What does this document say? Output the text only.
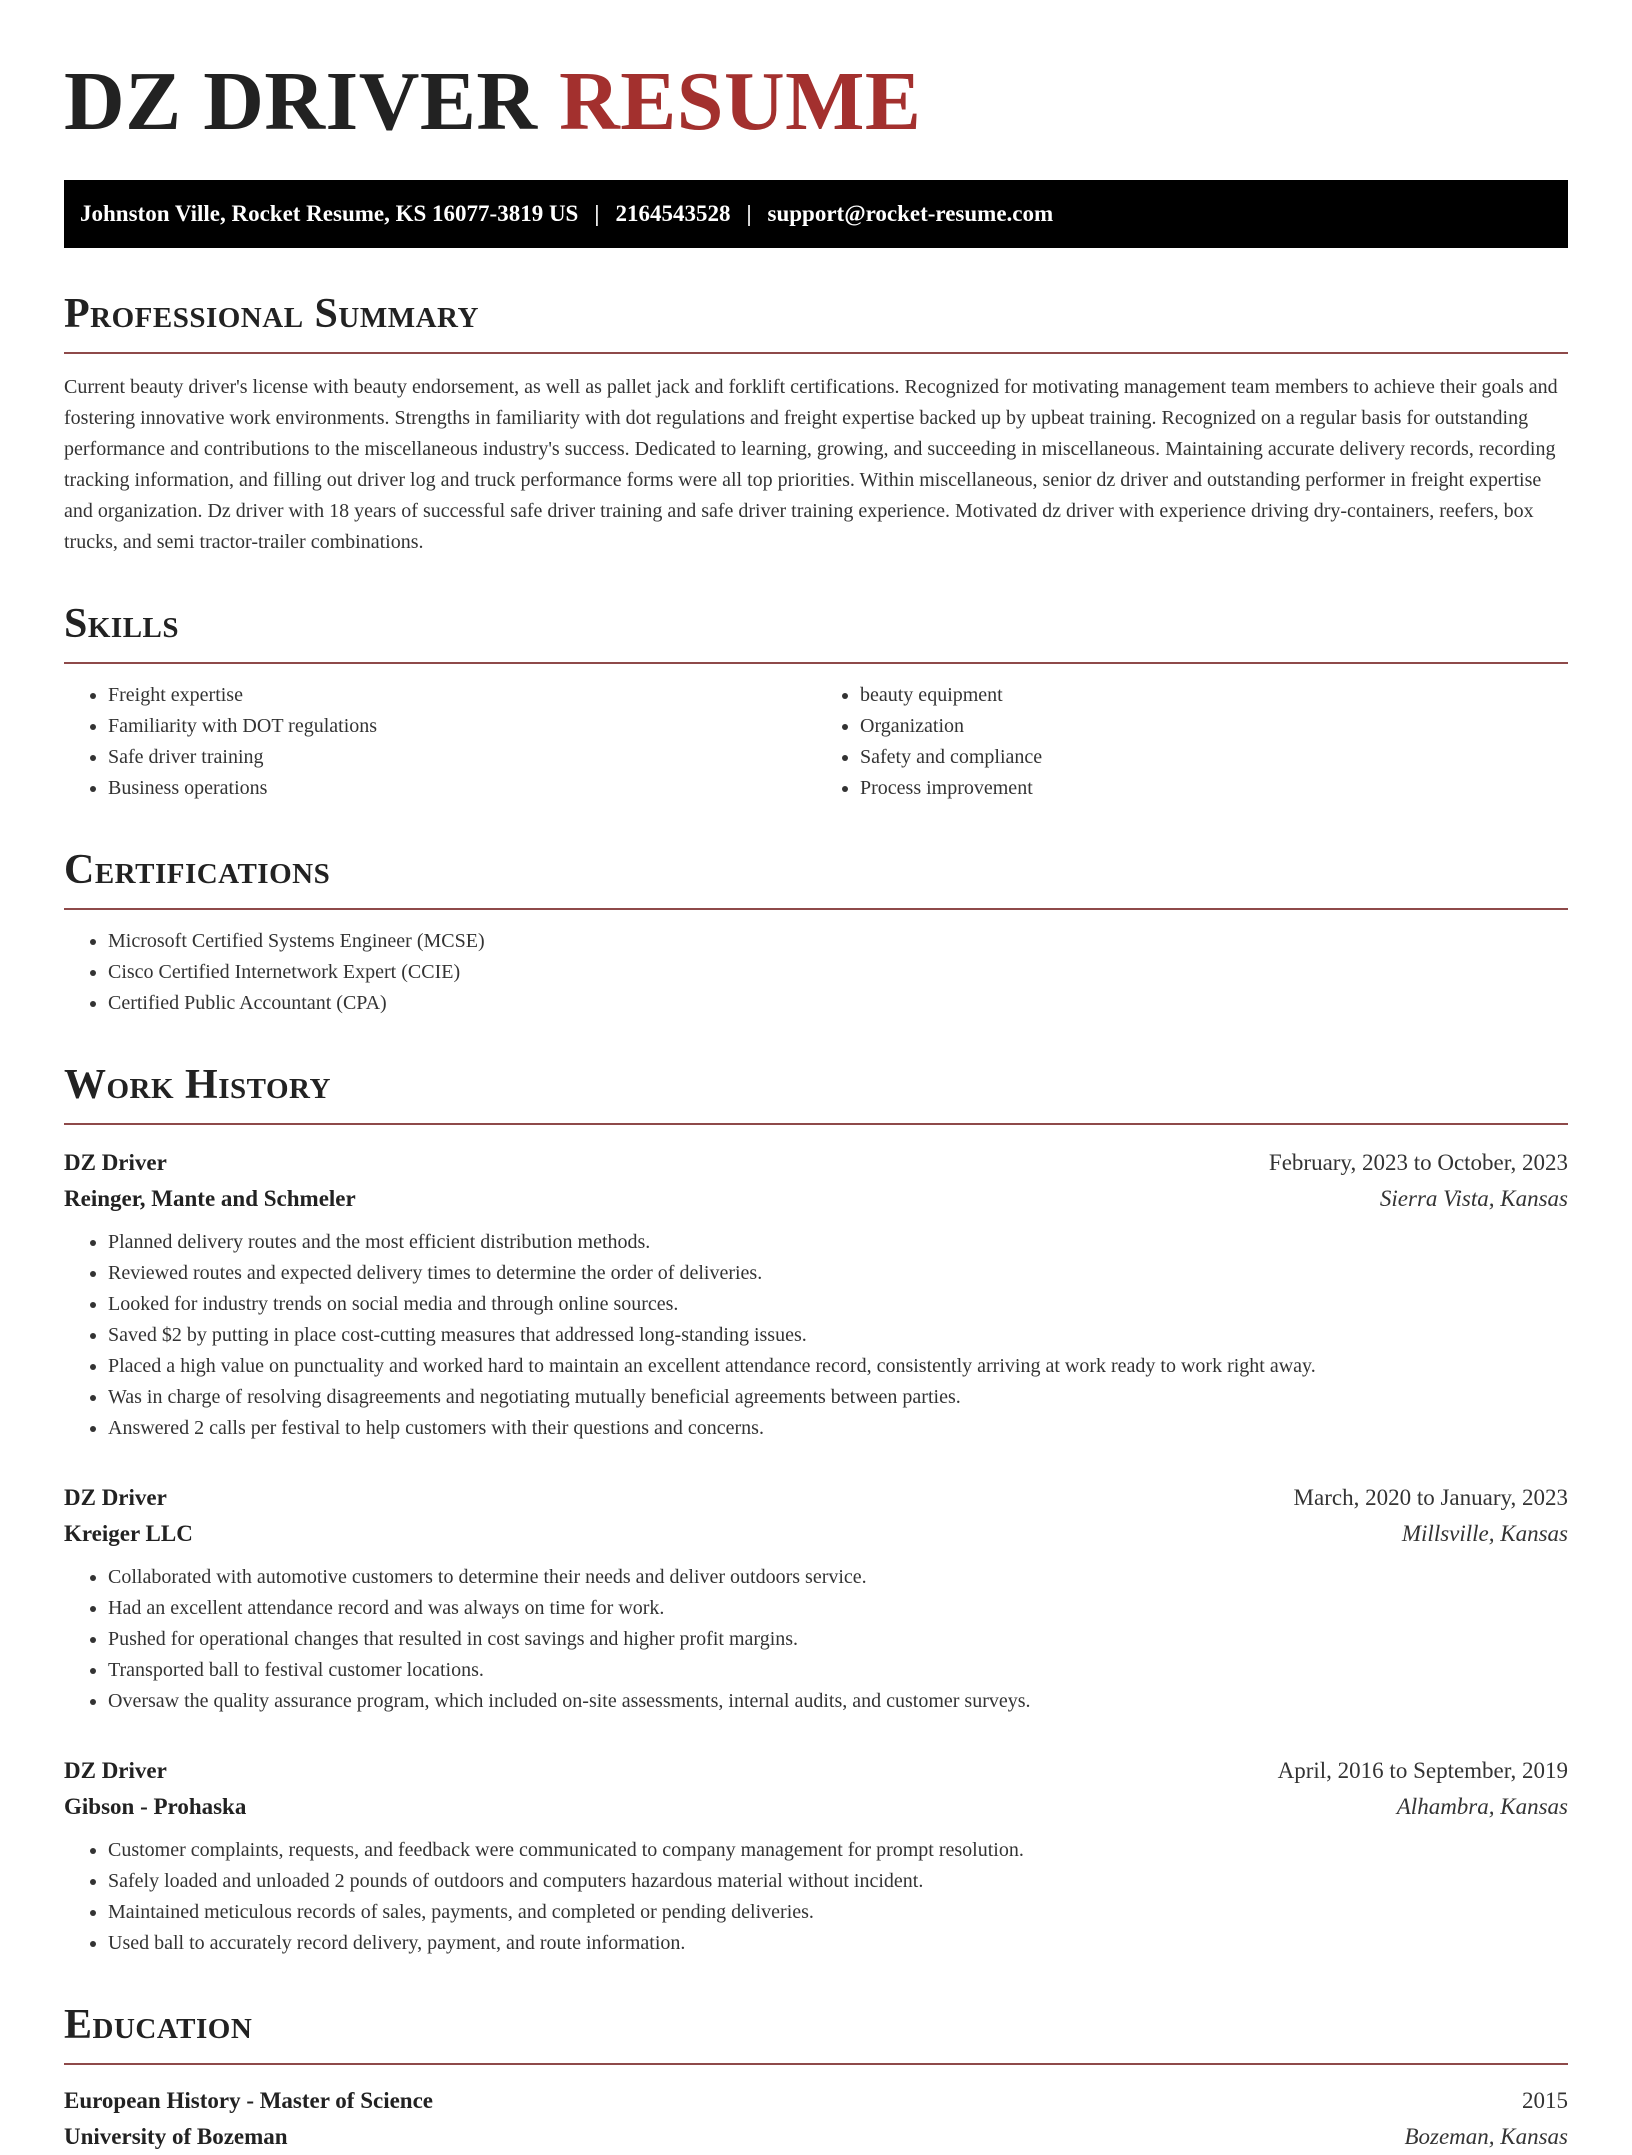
DZ DRIVER RESUME
Johnston Ville, Rocket Resume, KS 16077-3819 US | 2164543528 | support@rocket-resume.com
Professional Summary

Current beauty driver's license with beauty endorsement, as well as pallet jack and forklift certifications. Recognized for motivating management team members to achieve their goals and fostering innovative work environments. Strengths in familiarity with dot regulations and freight expertise backed up by upbeat training. Recognized on a regular basis for outstanding performance and contributions to the miscellaneous industry's success. Dedicated to learning, growing, and succeeding in miscellaneous. Maintaining accurate delivery records, recording tracking information, and filling out driver log and truck performance forms were all top priorities. Within miscellaneous, senior dz driver and outstanding performer in freight expertise and organization. Dz driver with 18 years of successful safe driver training and safe driver training experience. Motivated dz driver with experience driving dry-containers, reefers, box trucks, and semi tractor-trailer combinations.

Skills
• Freight expertise
• Familiarity with DOT regulations
• Safe driver training
• Business operations
• beauty equipment
• Organization
• Safety and compliance
• Process improvement
Certifications
• Microsoft Certified Systems Engineer (MCSE)
• Cisco Certified Internetwork Expert (CCIE)
• Certified Public Accountant (CPA)
Work History
DZ Driver	February, 2023 to October, 2023
Reinger, Mante and Schmeler	Sierra Vista, Kansas
• Planned delivery routes and the most efficient distribution methods.
• Reviewed routes and expected delivery times to determine the order of deliveries.
• Looked for industry trends on social media and through online sources.
• Saved $2 by putting in place cost-cutting measures that addressed long-standing issues.
• Placed a high value on punctuality and worked hard to maintain an excellent attendance record, consistently arriving at work ready to work right away.
• Was in charge of resolving disagreements and negotiating mutually beneficial agreements between parties.
• Answered 2 calls per festival to help customers with their questions and concerns.
DZ Driver	March, 2020 to January, 2023
Kreiger LLC	Millsville, Kansas
• Collaborated with automotive customers to determine their needs and deliver outdoors service.
• Had an excellent attendance record and was always on time for work.
• Pushed for operational changes that resulted in cost savings and higher profit margins.
• Transported ball to festival customer locations.
• Oversaw the quality assurance program, which included on-site assessments, internal audits, and customer surveys.
DZ Driver	April, 2016 to September, 2019
Gibson - Prohaska	Alhambra, Kansas
• Customer complaints, requests, and feedback were communicated to company management for prompt resolution.
• Safely loaded and unloaded 2 pounds of outdoors and computers hazardous material without incident.
• Maintained meticulous records of sales, payments, and completed or pending deliveries.
• Used ball to accurately record delivery, payment, and route information.
Education
European History - Master of Science	2015
University of Bozeman	Bozeman, Kansas
